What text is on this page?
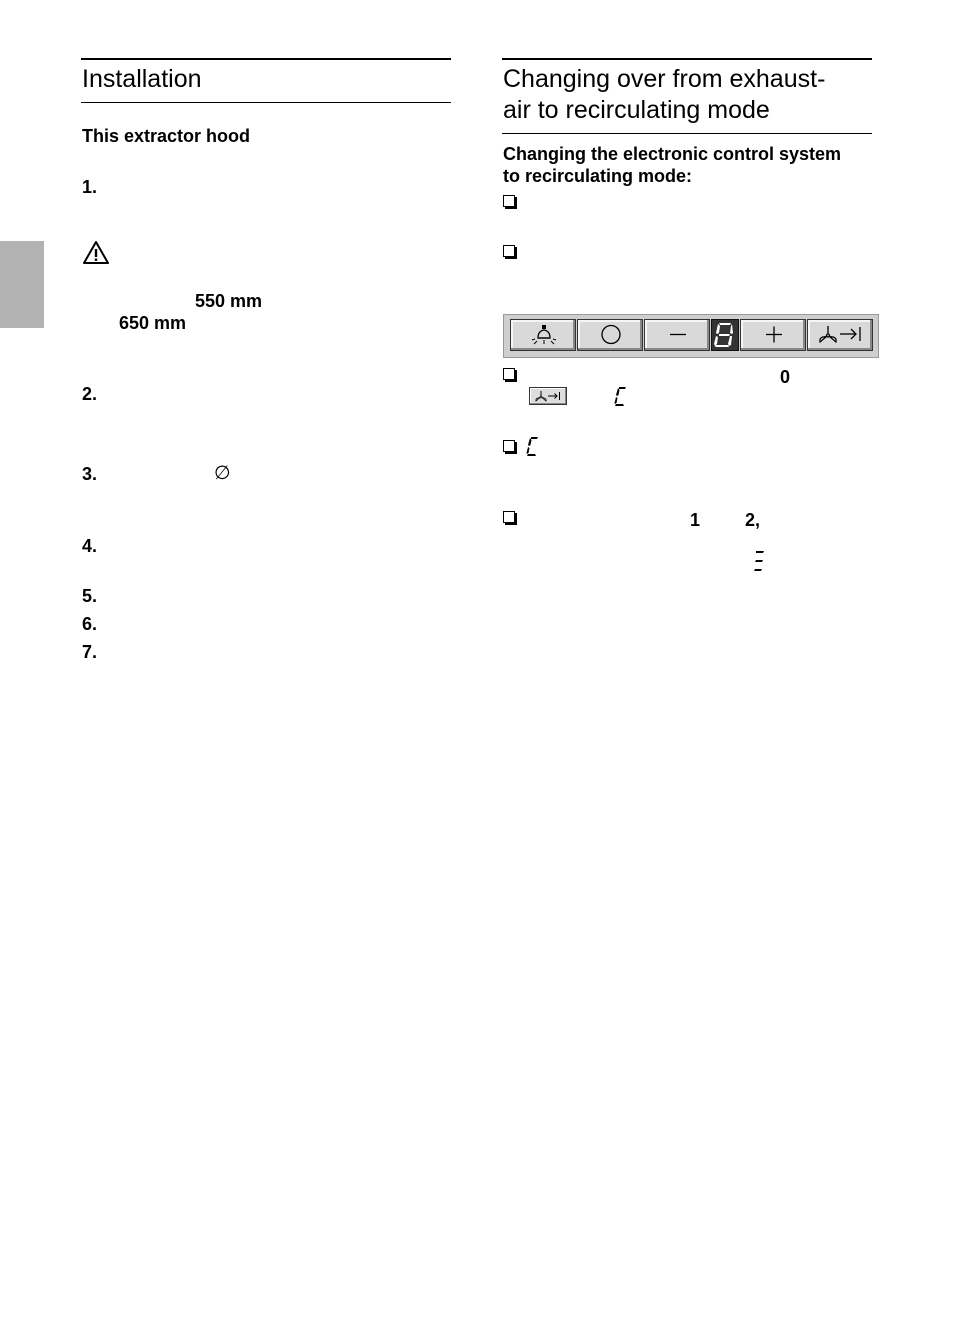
Installation
This extractor hood
1.
550 mm
650 mm
2.
3.	∅
4.
5.
6.
7.
Changing over from exhaust-
air to recirculating mode
Changing the electronic control system
to recirculating mode:
0
1 2,
